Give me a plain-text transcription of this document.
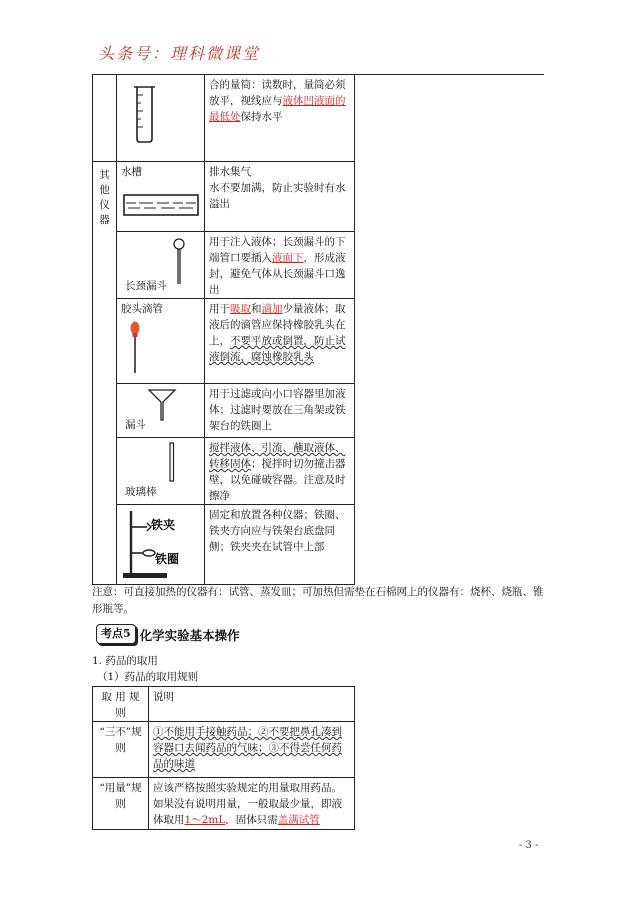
头条号：理科微课堂

	合的量筒：读数时，量筒必须放平，视线应与液体凹液面的最低处保持水平

其
他
仪
器	水槽	排水集气
水不要加满，防止实验时有水溢出

	长颈漏斗	用于注入液体；长颈漏斗的下端管口要插入液面下，形成液封，避免气体从长颈漏斗口逸出

	胶头滴管	用于吸取和滴加少量液体；取液后的滴管应保持橡胶乳头在上，不要平放或倒置，防止试液倒流，腐蚀橡胶乳头

	漏斗	用于过滤或向小口容器里加液体；过滤时要放在三角架或铁架台的铁圈上

	玻璃棒	搅拌液体、引流、蘸取液体、转移固体；搅拌时切勿撞击器壁，以免碰破容器。注意及时擦净

铁夹
铁圈	固定和放置各种仪器；铁圈、铁夹方向应与铁架台底盘同侧；铁夹夹在试管中上部
注意：可直接加热的仪器有：试管、蒸发皿；可加热但需垫在石棉网上的仪器有：烧杯、烧瓶、锥形瓶等。
考点5 化学实验基本操作
1. 药品的取用
（1）药品的取用规则
取 用 规 则	说明
“三不”规则	①不能用手接触药品；②不要把鼻孔凑到容器口去闻药品的气味；③不得尝任何药品的味道
“用量”规则	应该严格按照实验规定的用量取用药品。如果没有说明用量，一般取最少量，即液体取用1～2mL，固体只需盖满试管
- 3 -
